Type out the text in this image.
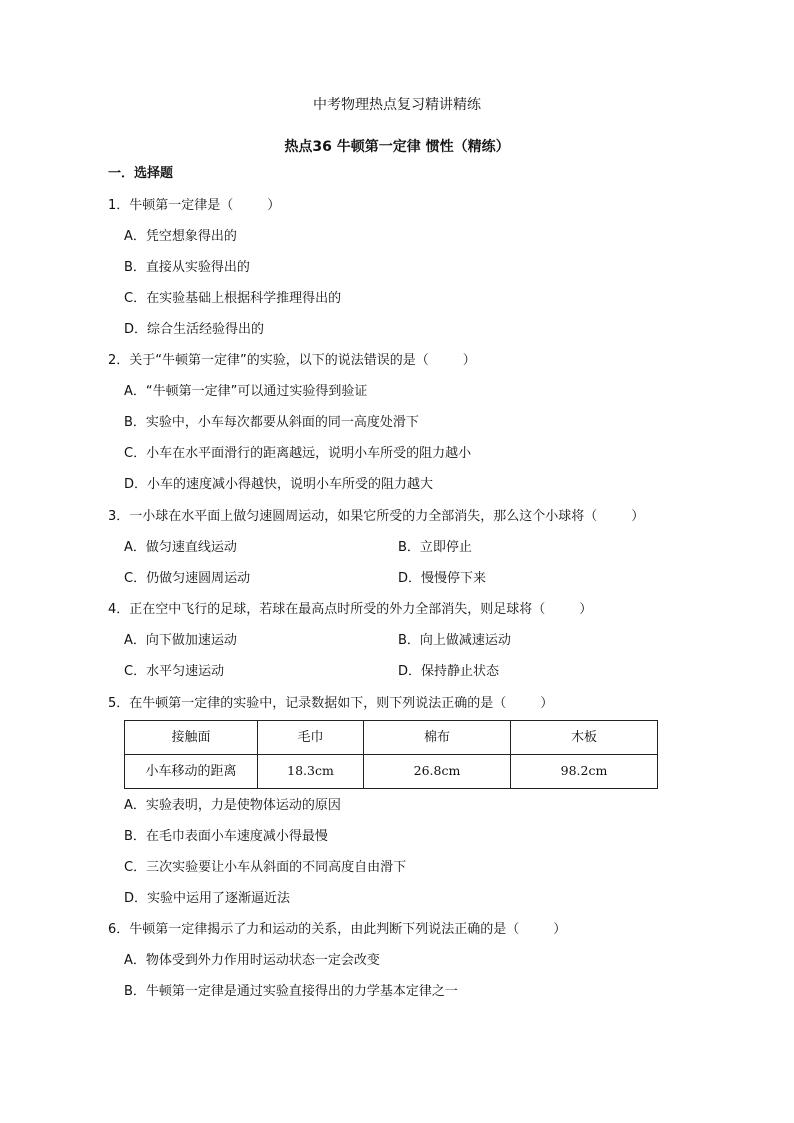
中考物理热点复习精讲精练
热点36 牛顿第一定律 惯性（精练）
一．选择题
1．牛顿第一定律是（	）
A．凭空想象得出的
B．直接从实验得出的
C．在实验基础上根据科学推理得出的
D．综合生活经验得出的
2．关于“牛顿第一定律”的实验，以下的说法错误的是（	）
A．“牛顿第一定律”可以通过实验得到验证
B．实验中，小车每次都要从斜面的同一高度处滑下
C．小车在水平面滑行的距离越远，说明小车所受的阻力越小
D．小车的速度减小得越快，说明小车所受的阻力越大
3．一小球在水平面上做匀速圆周运动，如果它所受的力全部消失，那么这个小球将（	）
A．做匀速直线运动	B．立即停止
C．仍做匀速圆周运动	D．慢慢停下来
4．正在空中飞行的足球，若球在最高点时所受的外力全部消失，则足球将（	）
A．向下做加速运动	B．向上做减速运动
C．水平匀速运动	D．保持静止状态
5．在牛顿第一定律的实验中，记录数据如下，则下列说法正确的是（	）
接触面	毛巾	棉布	木板
小车移动的距离	18.3cm	26.8cm	98.2cm
A．实验表明，力是使物体运动的原因
B．在毛巾表面小车速度减小得最慢
C．三次实验要让小车从斜面的不同高度自由滑下
D．实验中运用了逐渐逼近法
6．牛顿第一定律揭示了力和运动的关系，由此判断下列说法正确的是（	）
A．物体受到外力作用时运动状态一定会改变
B．牛顿第一定律是通过实验直接得出的力学基本定律之一
